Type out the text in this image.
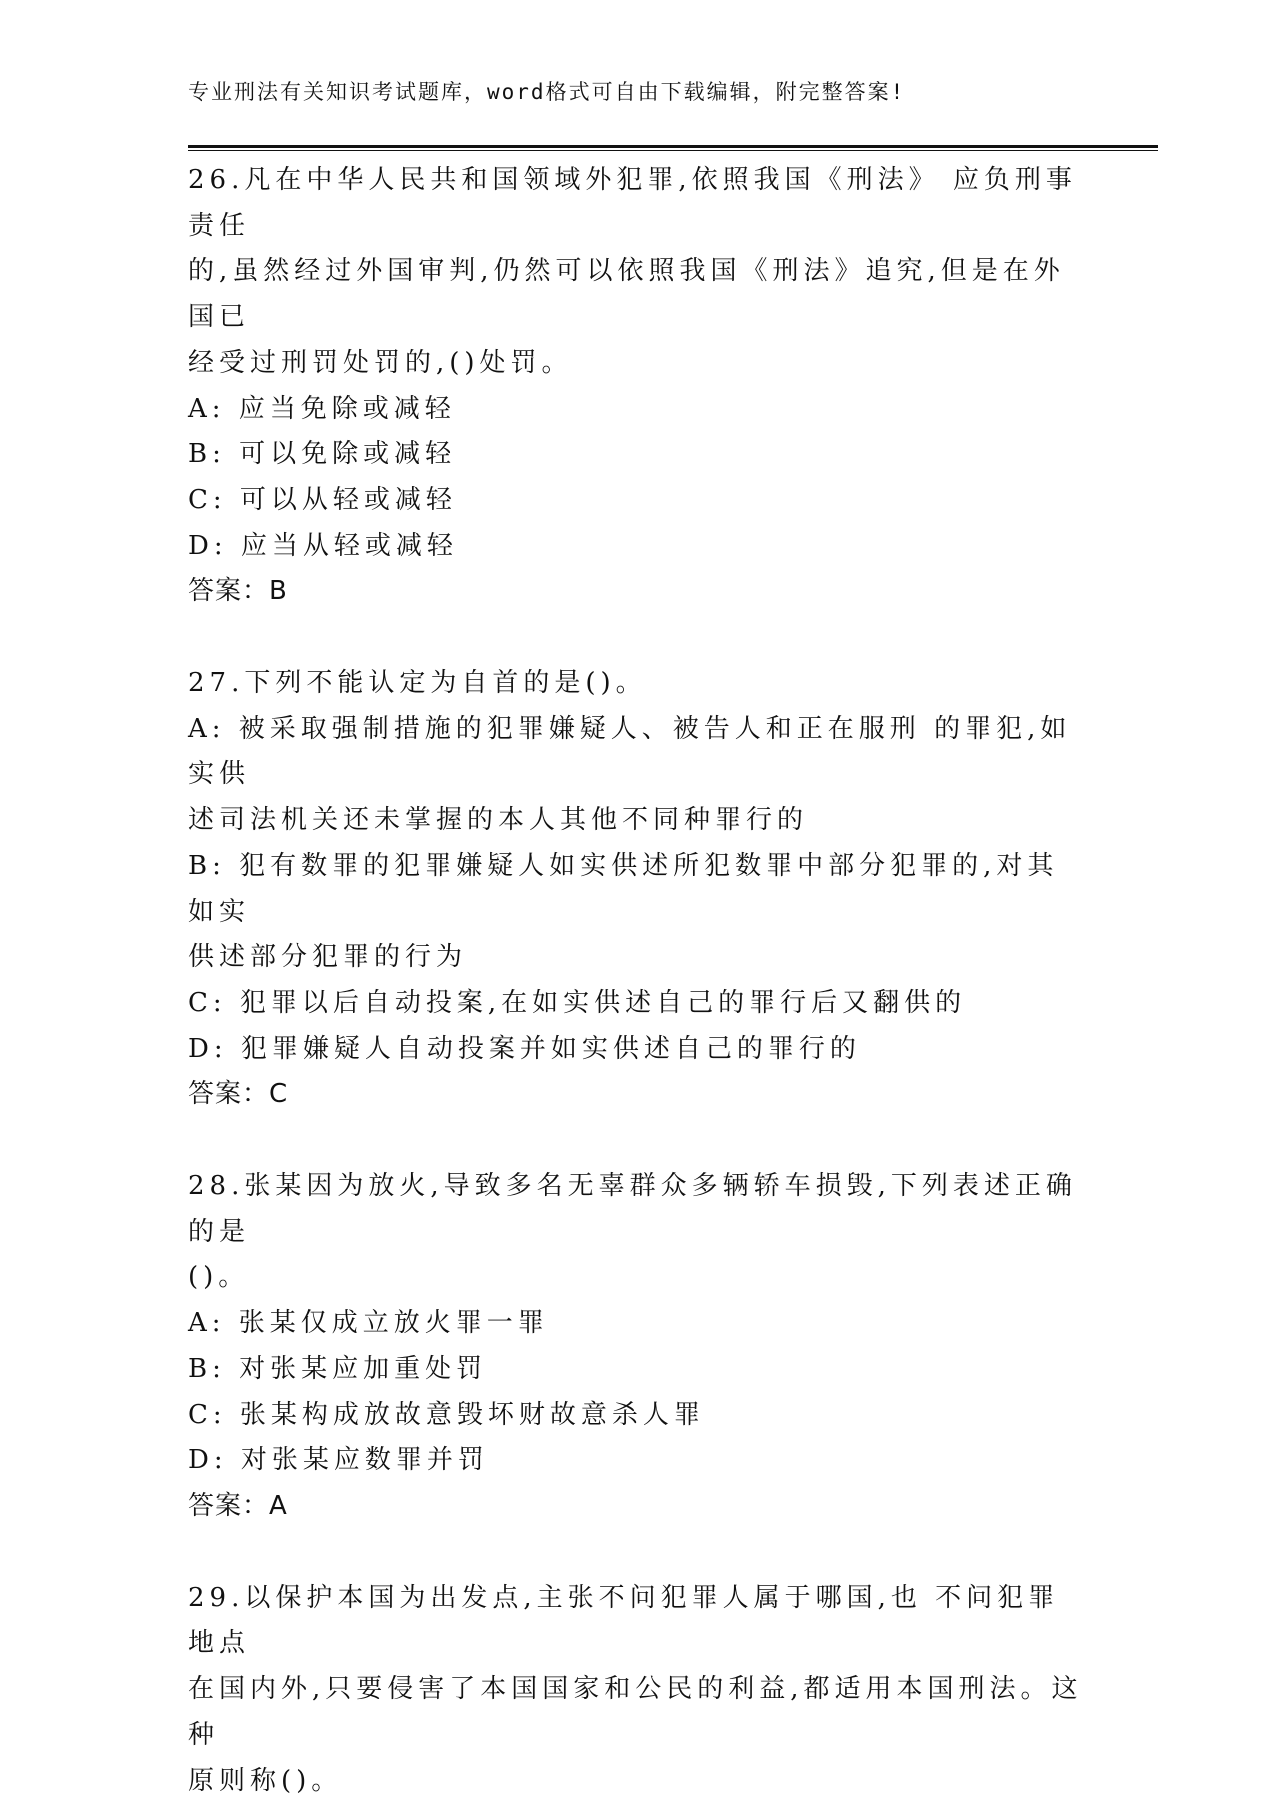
专业刑法有关知识考试题库，word格式可自由下载编辑，附完整答案!

26.凡在中华人民共和国领域外犯罪,依照我国《刑法》 应负刑事责任

的,虽然经过外国审判,仍然可以依照我国《刑法》追究,但是在外国已

经受过刑罚处罚的,()处罚。

A: 应当免除或减轻

B: 可以免除或减轻

C: 可以从轻或减轻

D: 应当从轻或减轻

答案：B

27.下列不能认定为自首的是()。

A: 被采取强制措施的犯罪嫌疑人、被告人和正在服刑 的罪犯,如实供

述司法机关还未掌握的本人其他不同种罪行的

B: 犯有数罪的犯罪嫌疑人如实供述所犯数罪中部分犯罪的,对其如实

供述部分犯罪的行为

C: 犯罪以后自动投案,在如实供述自己的罪行后又翻供的

D: 犯罪嫌疑人自动投案并如实供述自己的罪行的

答案：C

28.张某因为放火,导致多名无辜群众多辆轿车损毁,下列表述正确的是

()。

A: 张某仅成立放火罪一罪

B: 对张某应加重处罚

C: 张某构成放故意毁坏财故意杀人罪

D: 对张某应数罪并罚

答案：A

29.以保护本国为出发点,主张不问犯罪人属于哪国,也 不问犯罪地点

在国内外,只要侵害了本国国家和公民的利益,都适用本国刑法。这种

原则称()。
